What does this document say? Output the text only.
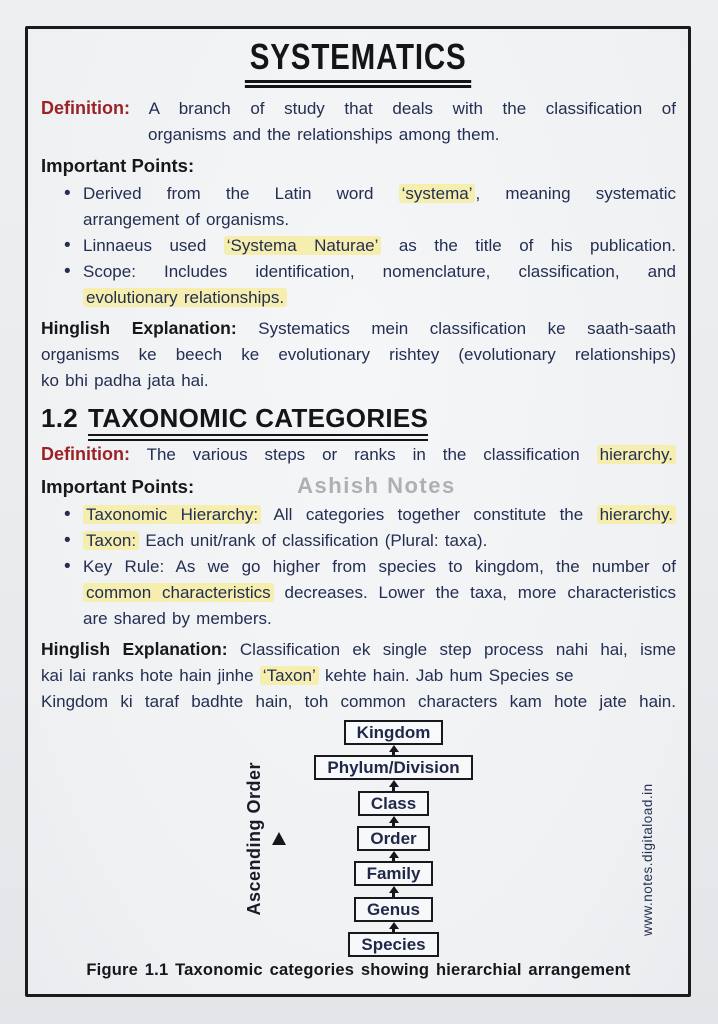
SYSTEMATICS
Definition: A branch of study that deals with the classification of
organisms and the relationships among them.
Important Points:
• Derived from the Latin word ‘systema’ , meaning systematic
arrangement of organisms.
• Linnaeus used ‘Systema Naturae’ as the title of his publication.
• Scope: Includes identification, nomenclature, classification, and
evolutionary relationships.
Hinglish Explanation: Systematics mein classification ke saath-saath
organisms ke beech ke evolutionary rishtey (evolutionary relationships)
ko bhi padha jata hai.
1.2 TAXONOMIC CATEGORIES
Definition: The various steps or ranks in the classification hierarchy.
Important Points:	Ashish Notes
• Taxonomic Hierarchy: All categories together constitute the hierarchy.
• Taxon: Each unit/rank of classification (Plural: taxa).
• Key Rule: As we go higher from species to kingdom, the number of
common characteristics decreases. Lower the taxa, more characteristics
are shared by members.
Hinglish Explanation: Classification ek single step process nahi hai, isme
kai lai ranks hote hain jinhe ‘Taxon’ kehte hain. Jab hum Species se
Kingdom ki taraf badhte hain, toh common characters kam hote jate hain.
Ascending Order
Kingdom
Phylum/Division
Class
Order
Family
Genus
Species
Figure 1.1 Taxonomic categories showing hierarchial arrangement
www.notes.digitaload.in
